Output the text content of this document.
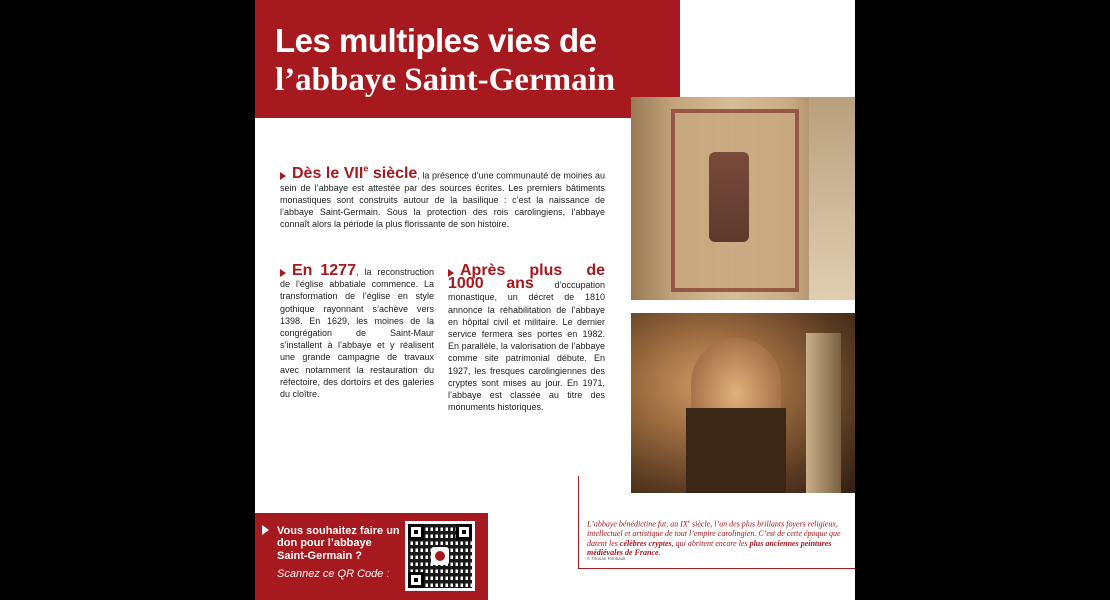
Les multiples vies de
l’abbaye Saint-Germain
Dès le VIIe siècle, la présence d’une communauté de moines au sein de l’abbaye est attestée par des sources écrites. Les premiers bâtiments monastiques sont construits autour de la basilique : c’est la naissance de l’abbaye Saint-Germain. Sous la protection des rois carolingiens, l’abbaye connaît alors la période la plus florissante de son histoire.
En 1277, la reconstruction de l’église abbatiale commence. La transformation de l’église en style gothique rayonnant s’achève vers 1398. En 1629, les moines de la congrégation de Saint-Maur s’installent à l’abbaye et y réalisent une grande campagne de travaux avec notamment la restauration du réfectoire, des dortoirs et des galeries du cloître.
Après plus de 1000 ans d’occupation monastique, un décret de 1810 annonce la réhabilitation de l’abbaye en hôpital civil et militaire. Le dernier service fermera ses portes en 1982. En parallèle, la valorisation de l’abbaye comme site patrimonial débute. En 1927, les fresques carolingiennes des cryptes sont mises au jour. En 1971, l’abbaye est classée au titre des monuments historiques.
L’abbaye bénédictine fut, au IXe siècle, l’un des plus brillants foyers religieux, intellectuel et artistique de tout l’empire carolingien. C’est de cette époque que datent les célèbres cryptes, qui abritent encore les plus anciennes peintures médiévales de France.
© Titouan Rimbault
Vous souhaitez faire un don pour l’abbaye Saint-Germain ?
Scannez ce QR Code :
